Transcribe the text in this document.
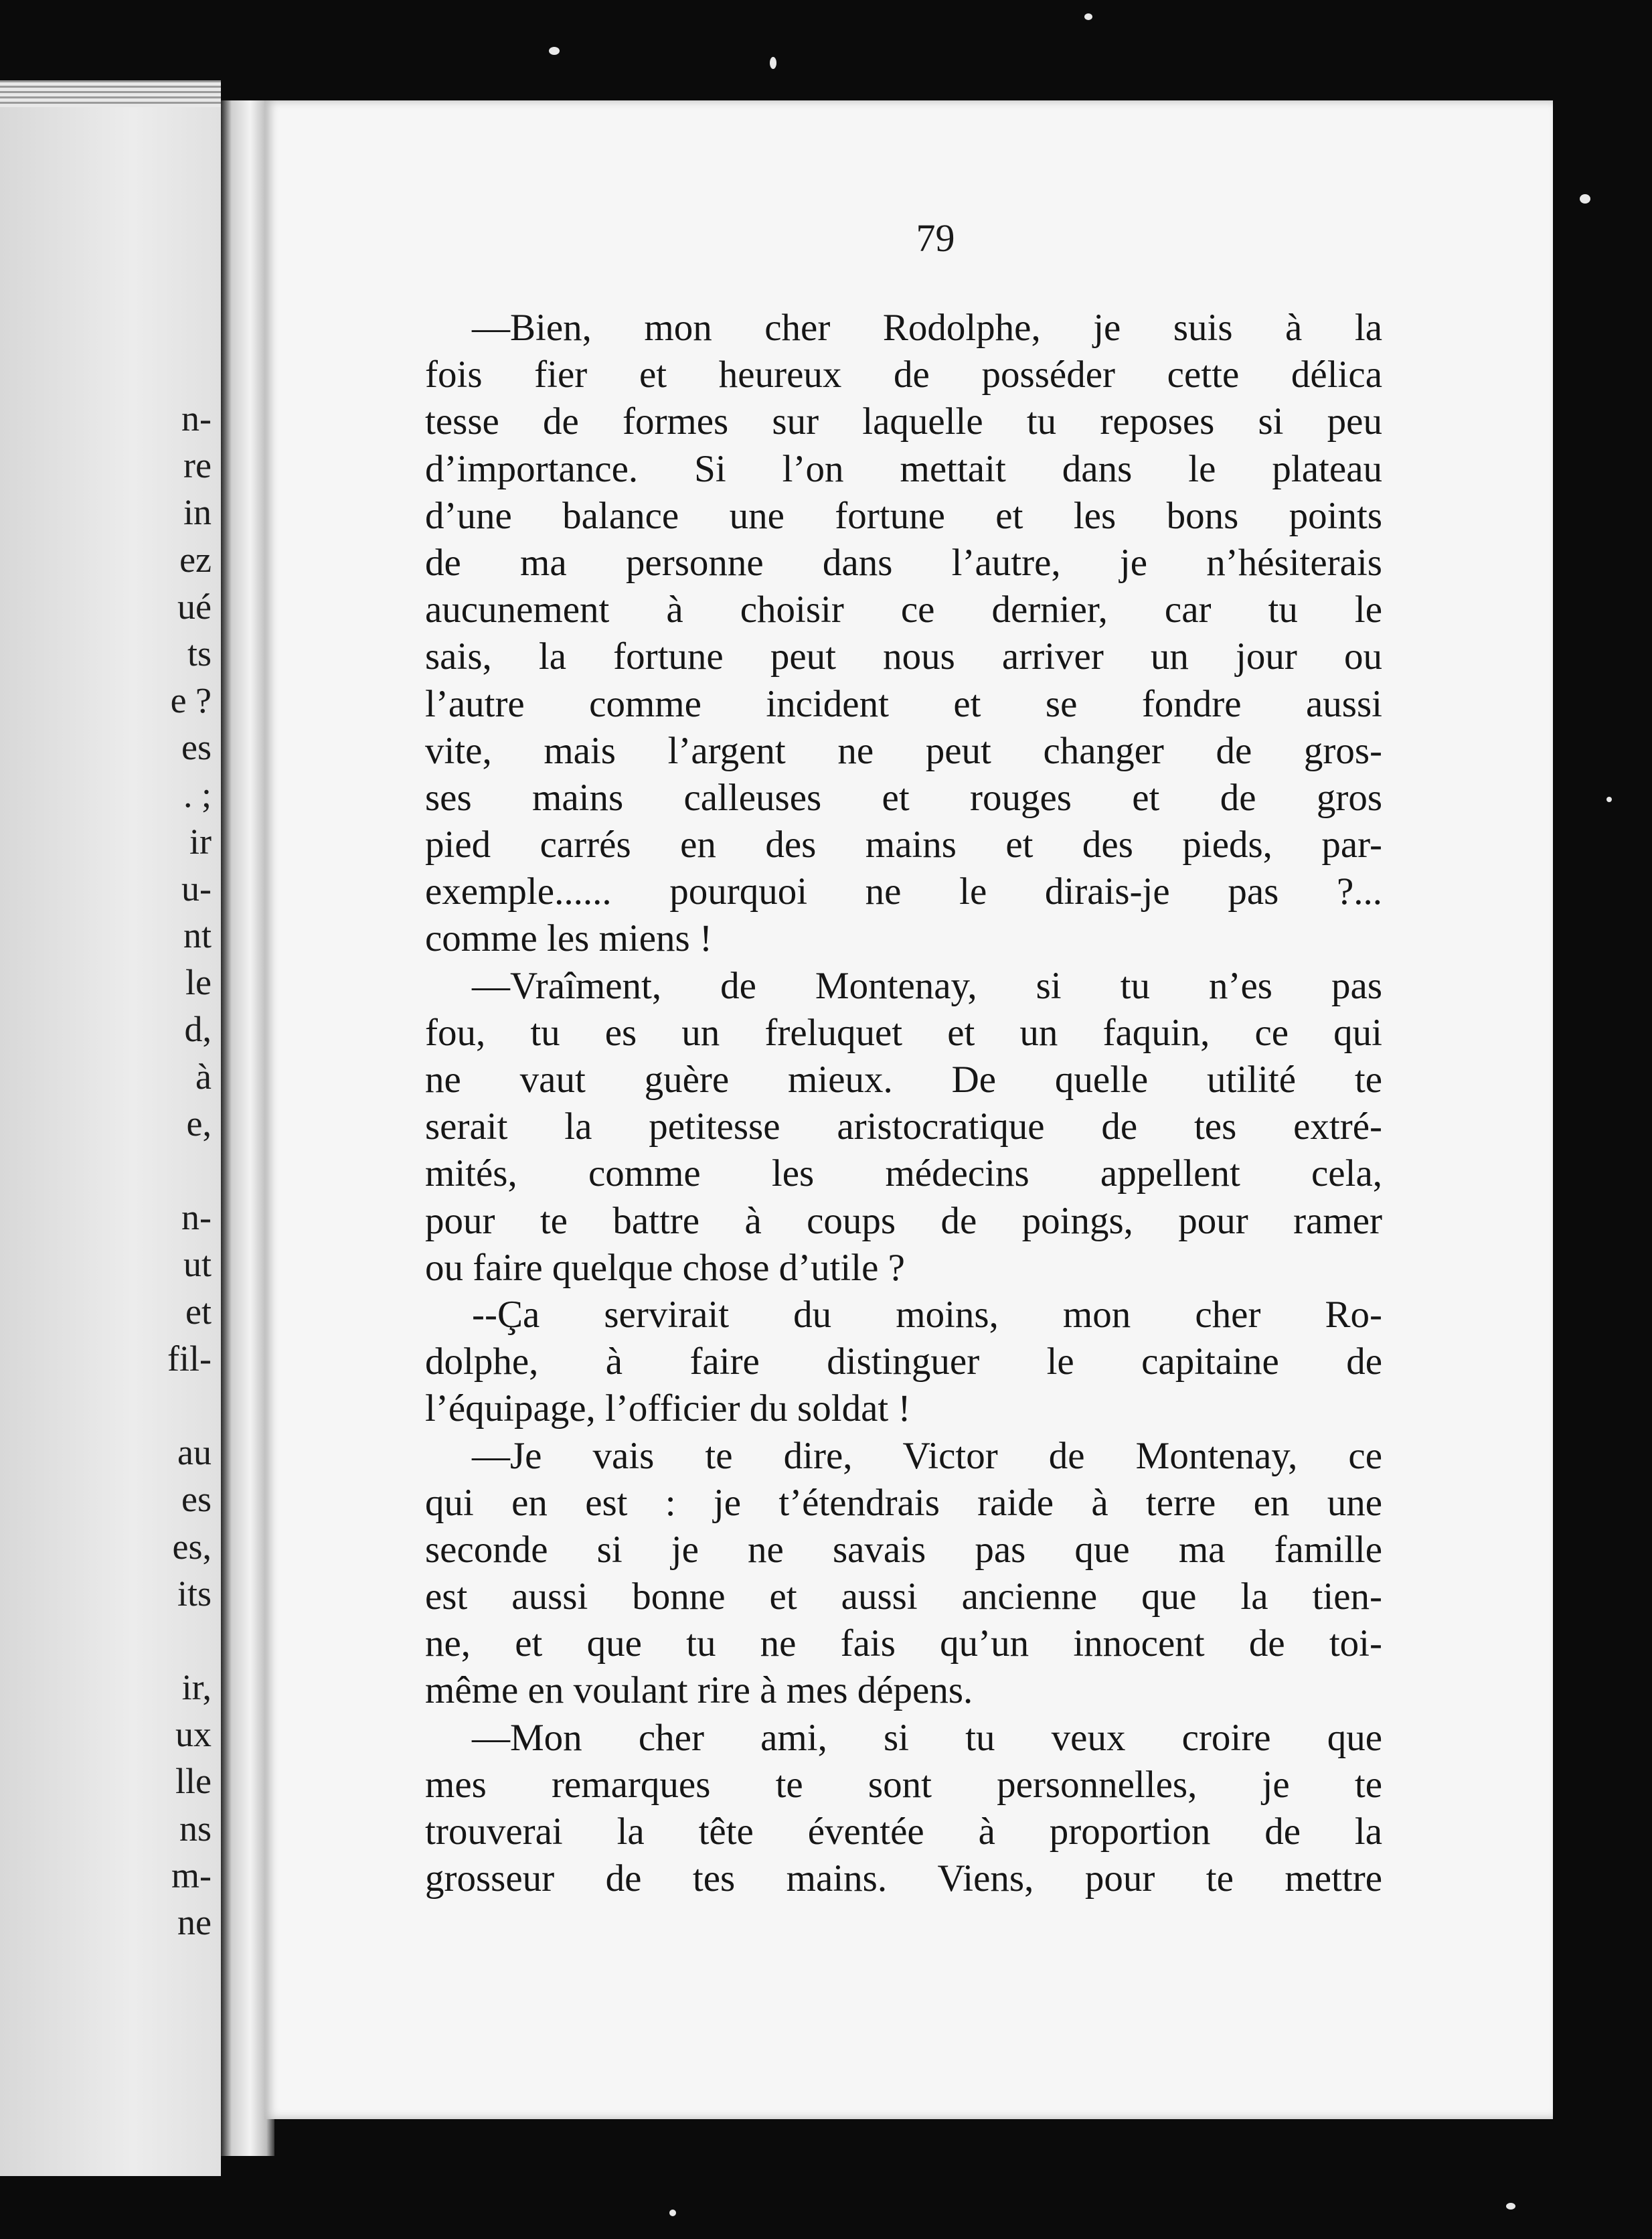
n-
re
in
ez
ué
ts
e ?
es
. ;
ir
u-
nt
le
d,
à
e,
n-
ut
et
fil-
au
es
es,
its
ir,
ux
lle
ns
m-
ne
79
—Bien, mon cher Rodolphe, je suis à la
fois fier et heureux de posséder cette délica
tesse de formes sur laquelle tu reposes si peu
d’importance. Si l’on mettait dans le plateau
d’une balance une fortune et les bons points
de ma personne dans l’autre, je n’hésiterais
aucunement à choisir ce dernier, car tu le
sais, la fortune peut nous arriver un jour ou
l’autre comme incident et se fondre aussi
vite, mais l’argent ne peut changer de gros-
ses mains calleuses et rouges et de gros
pied carrés en des mains et des pieds, par-
exemple...... pourquoi ne le dirais-je pas ?...
comme les miens !
—Vraîment, de Montenay, si tu n’es pas
fou, tu es un freluquet et un faquin, ce qui
ne vaut guère mieux. De quelle utilité te
serait la petitesse aristocratique de tes extré-
mités, comme les médecins appellent cela,
pour te battre à coups de poings, pour ramer
ou faire quelque chose d’utile ?
--Ça servirait du moins, mon cher Ro-
dolphe, à faire distinguer le capitaine de
l’équipage, l’officier du soldat !
—Je vais te dire, Victor de Montenay, ce
qui en est : je t’étendrais raide à terre en une
seconde si je ne savais pas que ma famille
est aussi bonne et aussi ancienne que la tien-
ne, et que tu ne fais qu’un innocent de toi-
même en voulant rire à mes dépens.
—Mon cher ami, si tu veux croire que
mes remarques te sont personnelles, je te
trouverai la tête éventée à proportion de la
grosseur de tes mains. Viens, pour te mettre
